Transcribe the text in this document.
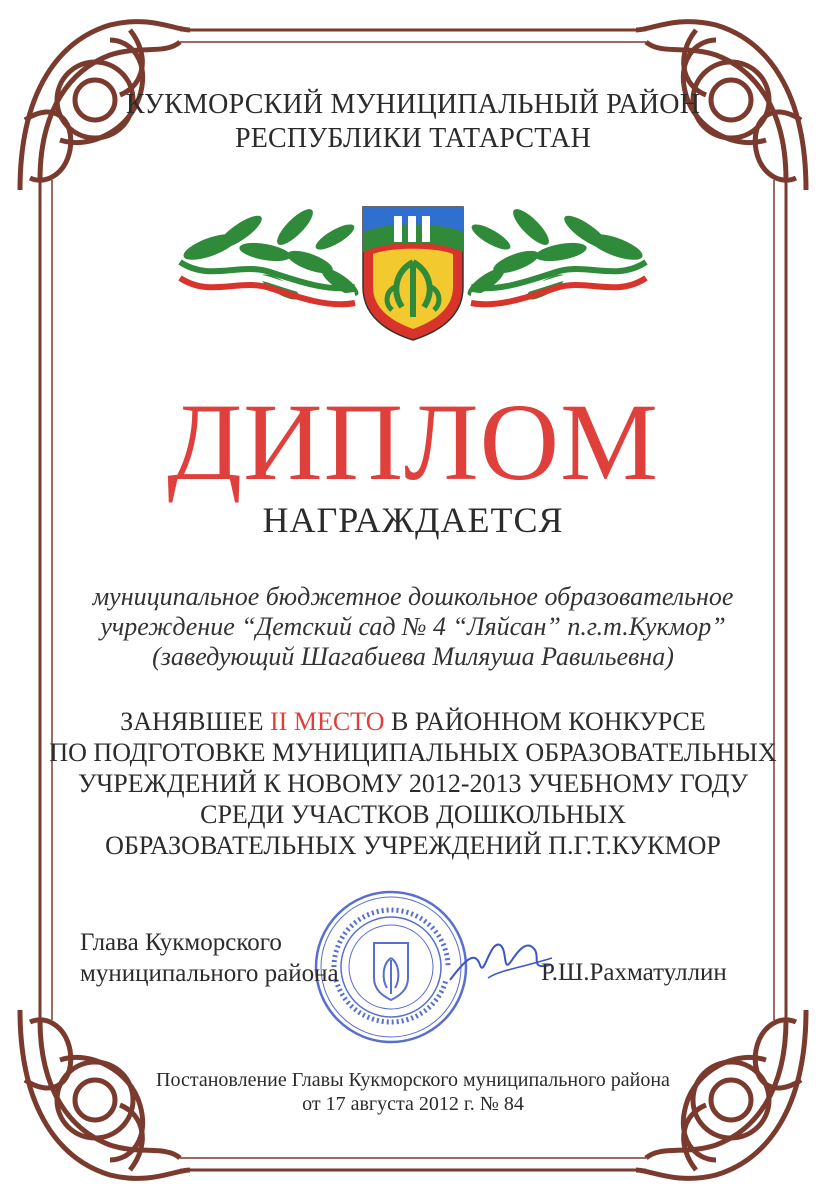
КУКМОРСКИЙ МУНИЦИПАЛЬНЫЙ РАЙОН
РЕСПУБЛИКИ ТАТАРСТАН
ДИПЛОМ
НАГРАЖДАЕТСЯ
муниципальное бюджетное дошкольное образовательное
учреждение “Детский сад № 4 “Ляйсан” п.г.т.Кукмор”
(заведующий Шагабиева Миляуша Равильевна)
ЗАНЯВШЕЕ II МЕСТО В РАЙОННОМ КОНКУРСЕ
ПО ПОДГОТОВКЕ МУНИЦИПАЛЬНЫХ ОБРАЗОВАТЕЛЬНЫХ
УЧРЕЖДЕНИЙ К НОВОМУ 2012-2013 УЧЕБНОМУ ГОДУ
СРЕДИ УЧАСТКОВ ДОШКОЛЬНЫХ
ОБРАЗОВАТЕЛЬНЫХ УЧРЕЖДЕНИЙ П.Г.Т.КУКМОР
Глава Кукморского
муниципального района	Р.Ш.Рахматуллин
Постановление Главы Кукморского муниципального района
от 17 августа 2012 г. № 84
